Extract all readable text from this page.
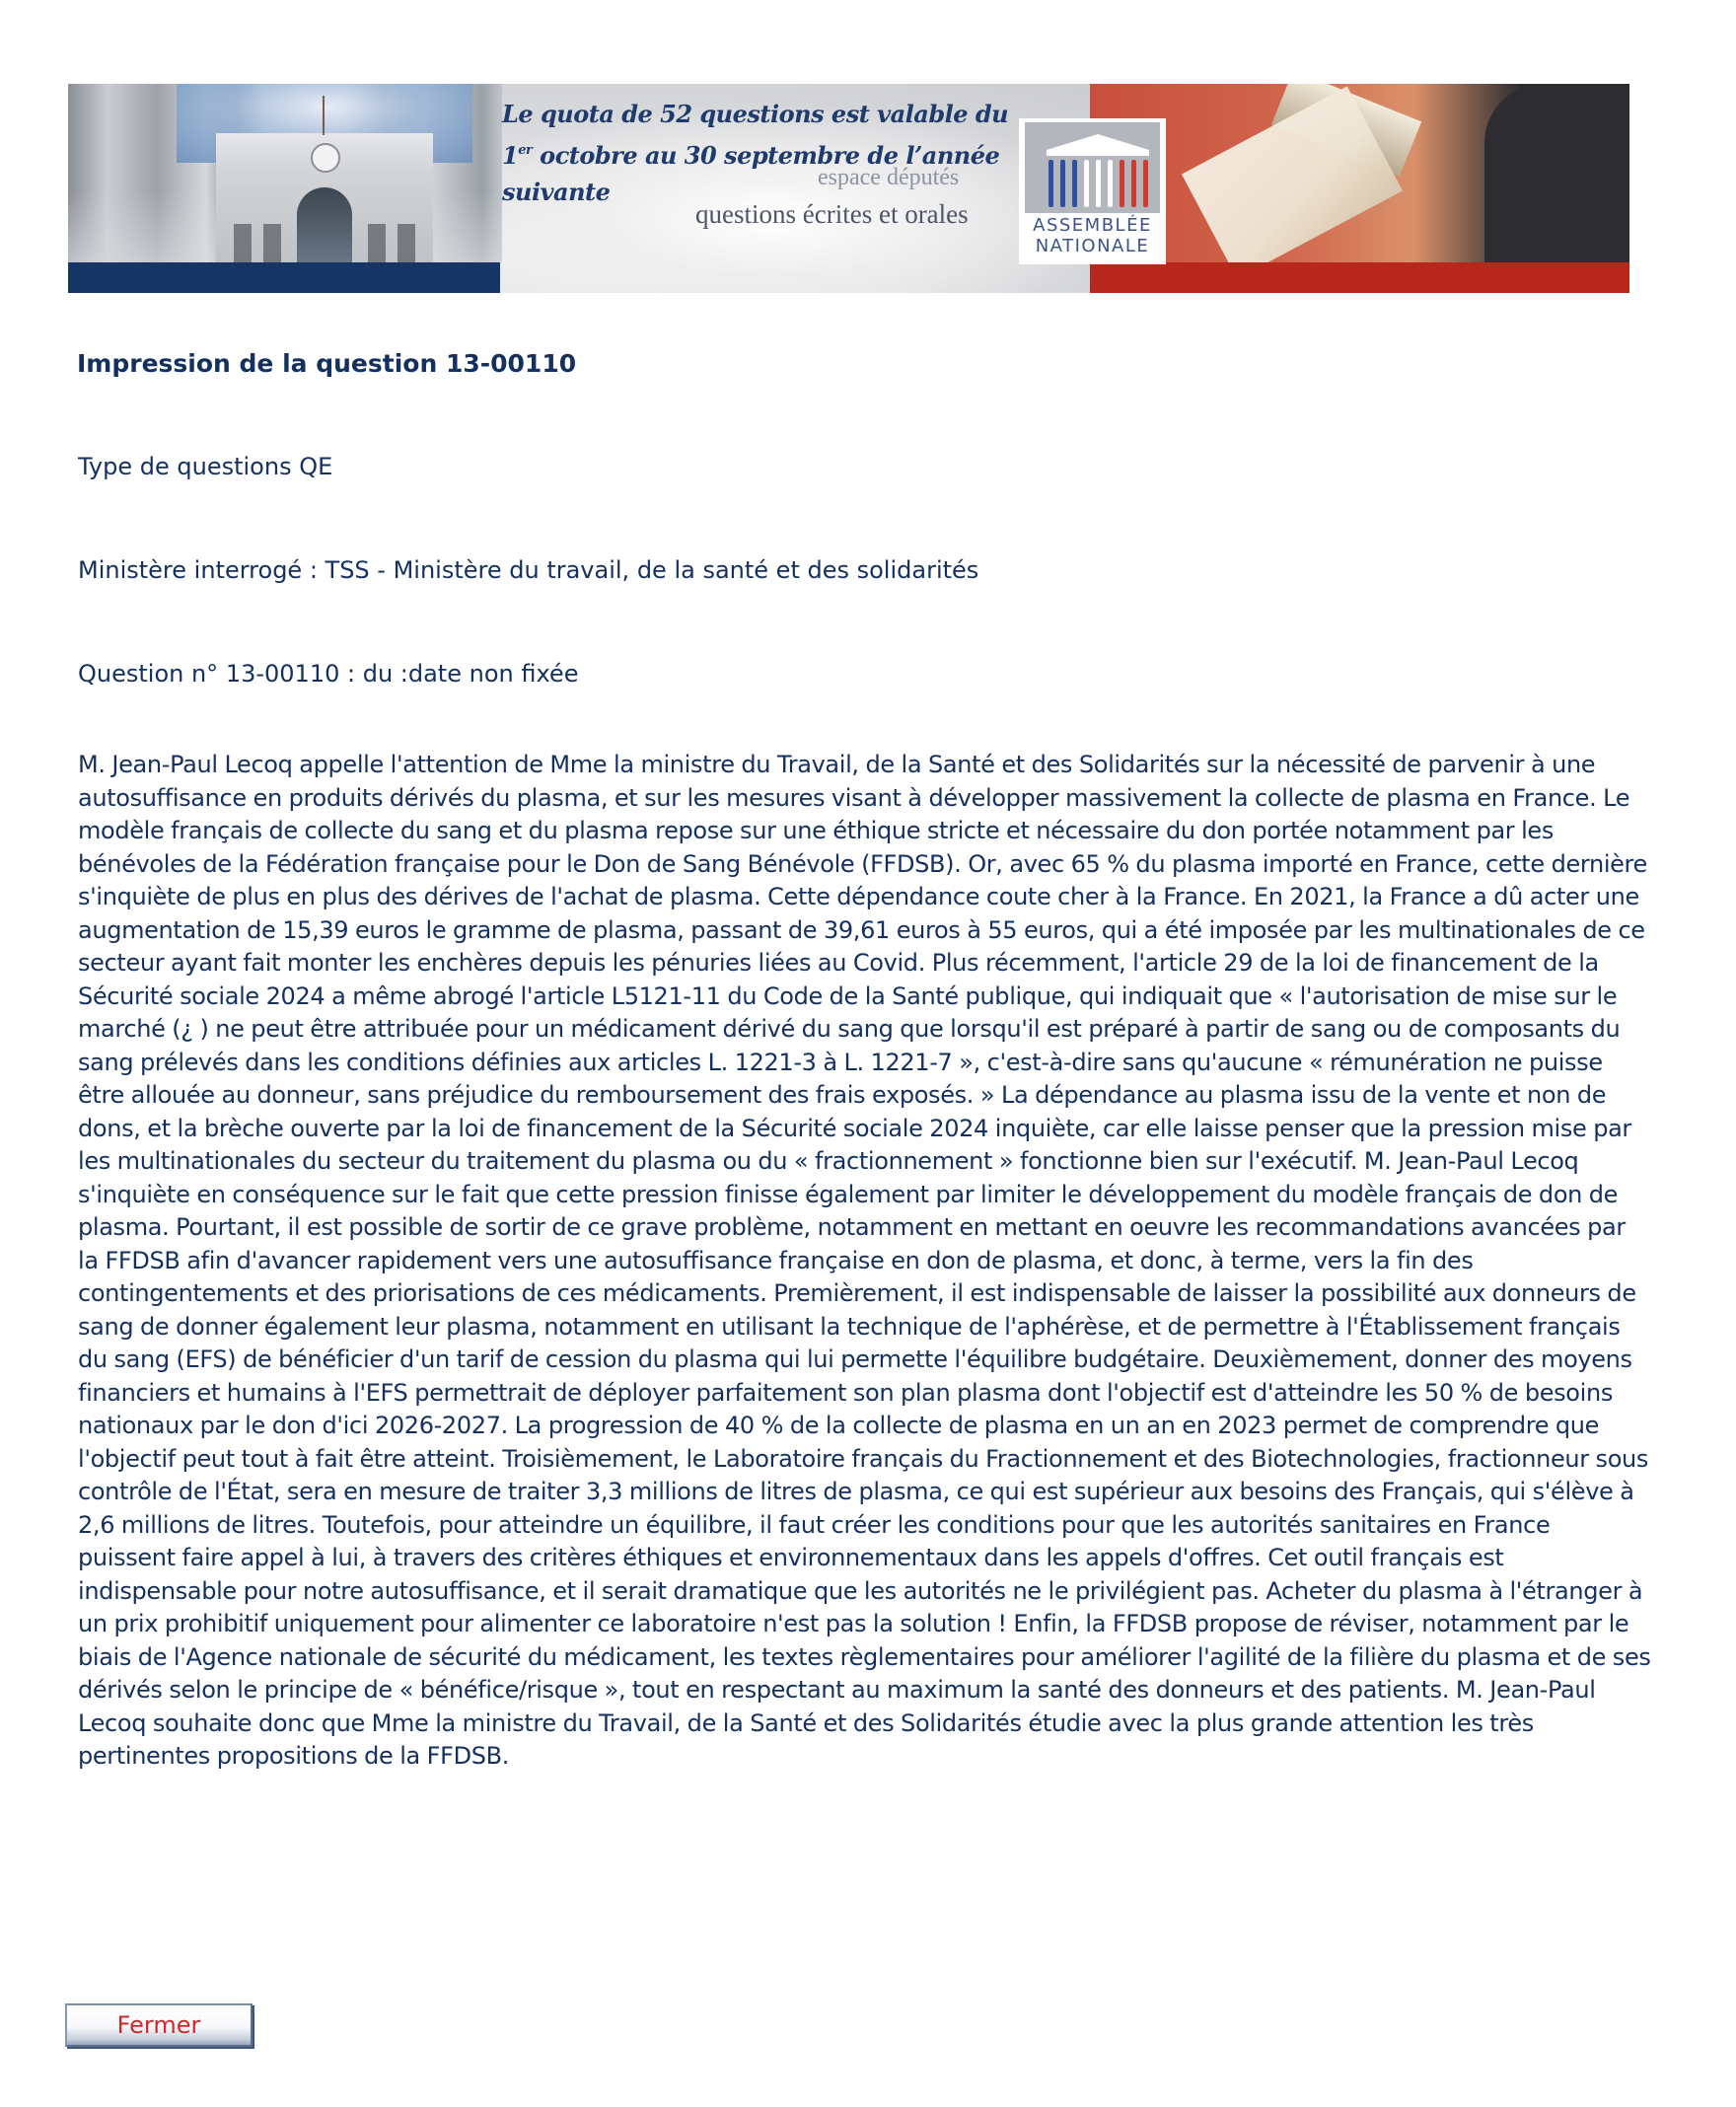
Le quota de 52 questions est valable du
1er octobre au 30 septembre de l’année
suivante	espace députés
questions écrites et orales	ASSEMBLÉE
NATIONALE
Impression de la question 13-00110

Type de questions QE

Ministère interrogé : TSS - Ministère du travail, de la santé et des solidarités

Question n° 13-00110 : du :date non fixée

M. Jean-Paul Lecoq appelle l'attention de Mme la ministre du Travail, de la Santé et des Solidarités sur la nécessité de parvenir à une autosuffisance en produits dérivés du plasma, et sur les mesures visant à développer massivement la collecte de plasma en France. Le modèle français de collecte du sang et du plasma repose sur une éthique stricte et nécessaire du don portée notamment par les bénévoles de la Fédération française pour le Don de Sang Bénévole (FFDSB). Or, avec 65 % du plasma importé en France, cette dernière s'inquiète de plus en plus des dérives de l'achat de plasma. Cette dépendance coute cher à la France. En 2021, la France a dû acter une augmentation de 15,39 euros le gramme de plasma, passant de 39,61 euros à 55 euros, qui a été imposée par les multinationales de ce secteur ayant fait monter les enchères depuis les pénuries liées au Covid. Plus récemment, l'article 29 de la loi de financement de la Sécurité sociale 2024 a même abrogé l'article L5121-11 du Code de la Santé publique, qui indiquait que « l'autorisation de mise sur le marché (¿ ) ne peut être attribuée pour un médicament dérivé du sang que lorsqu'il est préparé à partir de sang ou de composants du sang prélevés dans les conditions définies aux articles L. 1221-3 à L. 1221-7 », c'est-à-dire sans qu'aucune « rémunération ne puisse être allouée au donneur, sans préjudice du remboursement des frais exposés. » La dépendance au plasma issu de la vente et non de dons, et la brèche ouverte par la loi de financement de la Sécurité sociale 2024 inquiète, car elle laisse penser que la pression mise par les multinationales du secteur du traitement du plasma ou du « fractionnement » fonctionne bien sur l'exécutif. M. Jean-Paul Lecoq s'inquiète en conséquence sur le fait que cette pression finisse également par limiter le développement du modèle français de don de plasma. Pourtant, il est possible de sortir de ce grave problème, notamment en mettant en oeuvre les recommandations avancées par la FFDSB afin d'avancer rapidement vers une autosuffisance française en don de plasma, et donc, à terme, vers la fin des contingentements et des priorisations de ces médicaments. Premièrement, il est indispensable de laisser la possibilité aux donneurs de sang de donner également leur plasma, notamment en utilisant la technique de l'aphérèse, et de permettre à l'Établissement français du sang (EFS) de bénéficier d'un tarif de cession du plasma qui lui permette l'équilibre budgétaire. Deuxièmement, donner des moyens financiers et humains à l'EFS permettrait de déployer parfaitement son plan plasma dont l'objectif est d'atteindre les 50 % de besoins nationaux par le don d'ici 2026-2027. La progression de 40 % de la collecte de plasma en un an en 2023 permet de comprendre que l'objectif peut tout à fait être atteint. Troisièmement, le Laboratoire français du Fractionnement et des Biotechnologies, fractionneur sous contrôle de l'État, sera en mesure de traiter 3,3 millions de litres de plasma, ce qui est supérieur aux besoins des Français, qui s'élève à 2,6 millions de litres. Toutefois, pour atteindre un équilibre, il faut créer les conditions pour que les autorités sanitaires en France puissent faire appel à lui, à travers des critères éthiques et environnementaux dans les appels d'offres. Cet outil français est indispensable pour notre autosuffisance, et il serait dramatique que les autorités ne le privilégient pas. Acheter du plasma à l'étranger à un prix prohibitif uniquement pour alimenter ce laboratoire n'est pas la solution ! Enfin, la FFDSB propose de réviser, notamment par le biais de l'Agence nationale de sécurité du médicament, les textes règlementaires pour améliorer l'agilité de la filière du plasma et de ses dérivés selon le principe de « bénéfice/risque », tout en respectant au maximum la santé des donneurs et des patients. M. Jean-Paul Lecoq souhaite donc que Mme la ministre du Travail, de la Santé et des Solidarités étudie avec la plus grande attention les très pertinentes propositions de la FFDSB.

Fermer
